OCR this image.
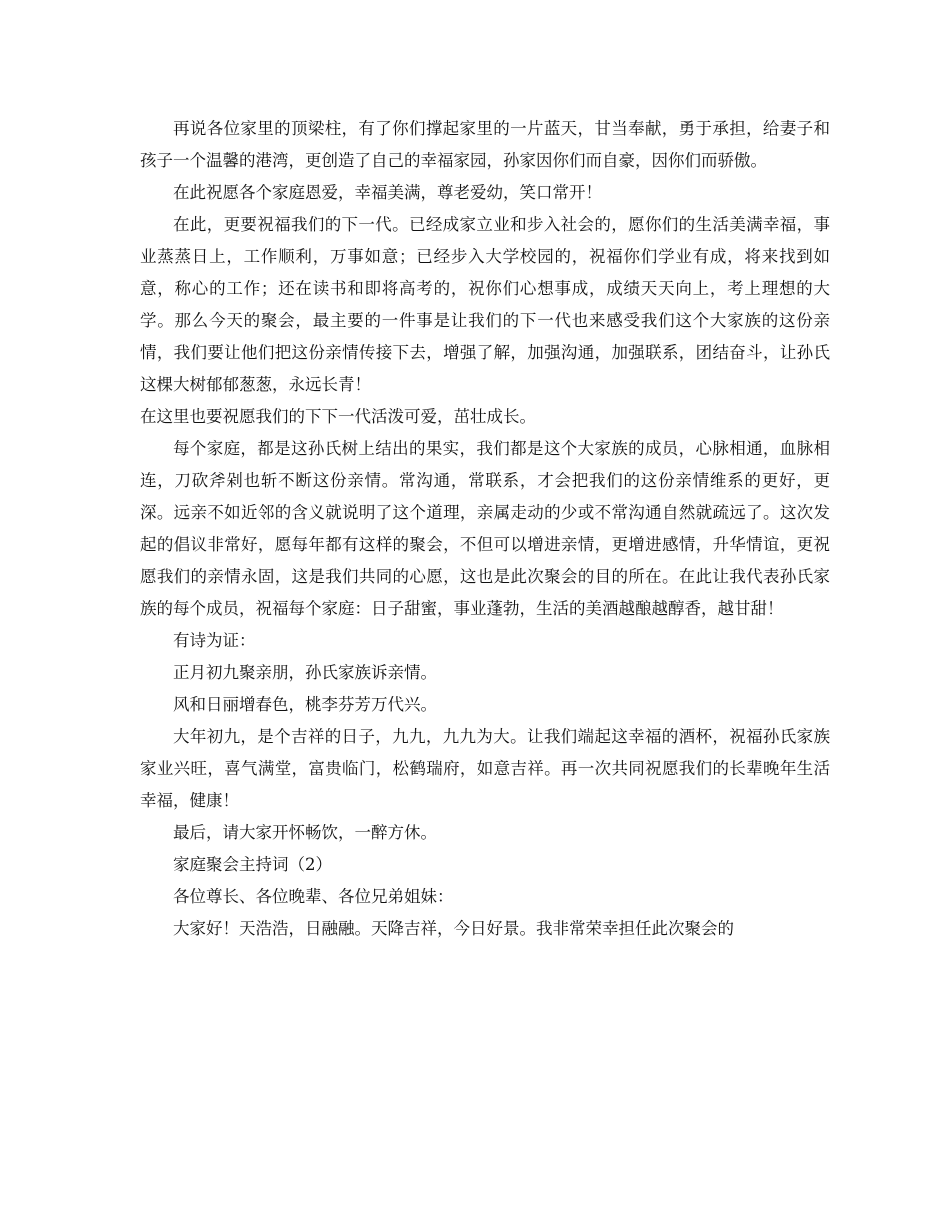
再说各位家里的顶梁柱，有了你们撑起家里的一片蓝天，甘当奉献，勇于承担，给妻子和孩子一个温馨的港湾，更创造了自己的幸福家园，孙家因你们而自豪，因你们而骄傲。

在此祝愿各个家庭恩爱，幸福美满，尊老爱幼，笑口常开！

在此，更要祝福我们的下一代。已经成家立业和步入社会的，愿你们的生活美满幸福，事业蒸蒸日上，工作顺利，万事如意；已经步入大学校园的，祝福你们学业有成，将来找到如意，称心的工作；还在读书和即将高考的，祝你们心想事成，成绩天天向上，考上理想的大学。那么今天的聚会，最主要的一件事是让我们的下一代也来感受我们这个大家族的这份亲情，我们要让他们把这份亲情传接下去，增强了解，加强沟通，加强联系，团结奋斗，让孙氏这棵大树郁郁葱葱，永远长青！

在这里也要祝愿我们的下下一代活泼可爱，茁壮成长。

每个家庭，都是这孙氏树上结出的果实，我们都是这个大家族的成员，心脉相通，血脉相连，刀砍斧剁也斩不断这份亲情。常沟通，常联系，才会把我们的这份亲情维系的更好，更深。远亲不如近邻的含义就说明了这个道理，亲属走动的少或不常沟通自然就疏远了。这次发起的倡议非常好，愿每年都有这样的聚会，不但可以增进亲情，更增进感情，升华情谊，更祝愿我们的亲情永固，这是我们共同的心愿，这也是此次聚会的目的所在。在此让我代表孙氏家族的每个成员，祝福每个家庭：日子甜蜜，事业蓬勃，生活的美酒越酿越醇香，越甘甜！

有诗为证：

正月初九聚亲朋，孙氏家族诉亲情。

风和日丽增春色，桃李芬芳万代兴。

大年初九，是个吉祥的日子，九九，九九为大。让我们端起这幸福的酒杯，祝福孙氏家族家业兴旺，喜气满堂，富贵临门，松鹤瑞府，如意吉祥。再一次共同祝愿我们的长辈晚年生活幸福，健康！

最后，请大家开怀畅饮，一醉方休。

家庭聚会主持词（2）

各位尊长、各位晚辈、各位兄弟姐妹：

大家好！天浩浩，日融融。天降吉祥，今日好景。我非常荣幸担任此次聚会的
